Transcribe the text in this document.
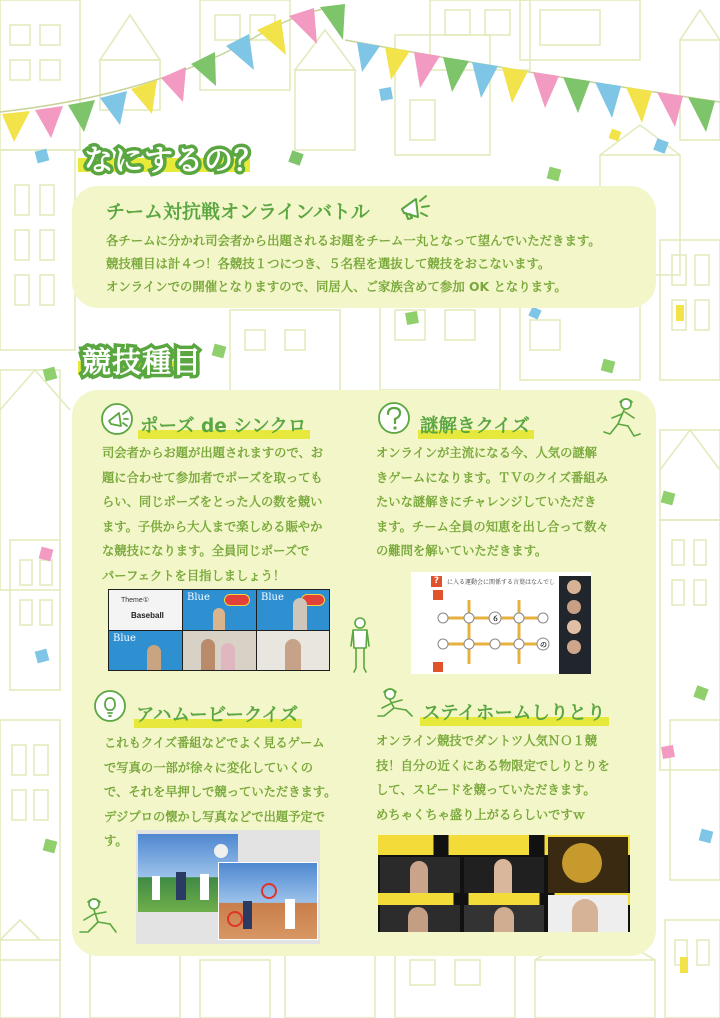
なにするの？
チーム対抗戦オンラインバトル
各チームに分かれ司会者から出題されるお題をチーム一丸となって望んでいただきます。
競技種目は計４つ！各競技１つにつき、５名程を選抜して競技をおこないます。
オンラインでの開催となりますので、同居人、ご家族含めて参加 OK となります。
競技種目
ポーズ de シンクロ
司会者からお題が出題されますので、お
題に合わせて参加者でポーズを取っても
らい、同じポーズをとった人の数を競い
ます。子供から大人まで楽しめる賑やか
な競技になります。全員同じポーズで
パーフェクトを目指しましょう！
Theme①
Baseball
Blue	Blue
Blue
謎解きクイズ
オンラインが主流になる今、人気の謎解
きゲームになります。ＴＶのクイズ番組み
たいな謎解きにチャレンジしていただき
ます。チーム全員の知恵を出し合って数々
の難問を解いていただきます。
?	に入る運動会に関係する言葉はなんでし
６
の
アハムービークイズ
これもクイズ番組などでよく見るゲーム
で写真の一部が徐々に変化していくの
で、それを早押しで競っていただきます。
デジプロの懐かし写真などで出題予定で
す。
ステイホームしりとり
オンライン競技でダントツ人気ＮＯ１競
技！自分の近くにある物限定でしりとりを
して、スピードを競っていただきます。
めちゃくちゃ盛り上がるらしいですｗ
